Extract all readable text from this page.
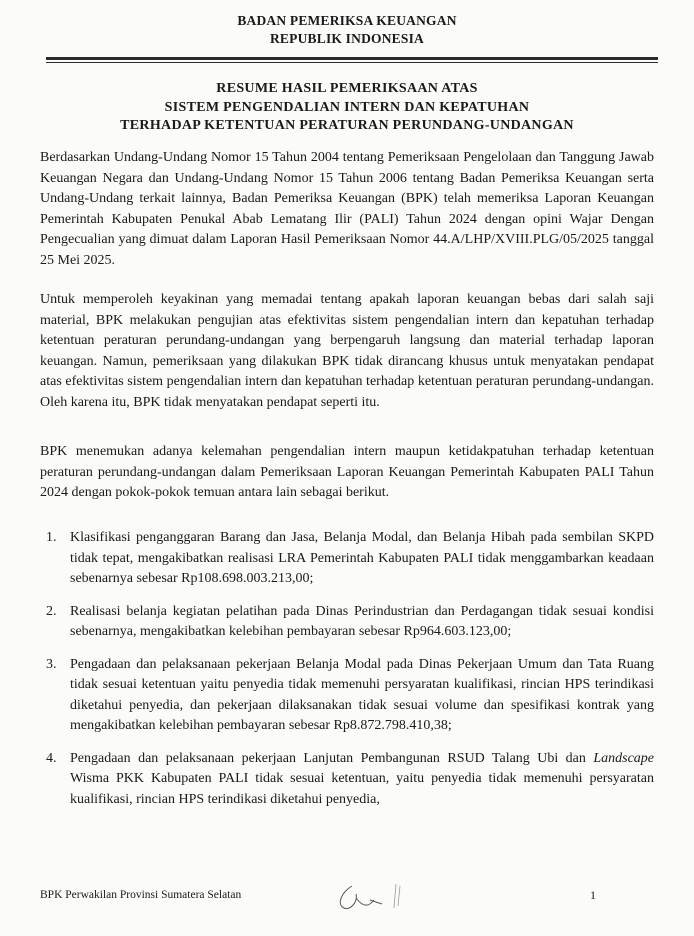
BADAN PEMERIKSA KEUANGAN
REPUBLIK INDONESIA
RESUME HASIL PEMERIKSAAN ATAS
SISTEM PENGENDALIAN INTERN DAN KEPATUHAN
TERHADAP KETENTUAN PERATURAN PERUNDANG-UNDANGAN
Berdasarkan Undang-Undang Nomor 15 Tahun 2004 tentang Pemeriksaan Pengelolaan dan Tanggung Jawab Keuangan Negara dan Undang-Undang Nomor 15 Tahun 2006 tentang Badan Pemeriksa Keuangan serta Undang-Undang terkait lainnya, Badan Pemeriksa Keuangan (BPK) telah memeriksa Laporan Keuangan Pemerintah Kabupaten Penukal Abab Lematang Ilir (PALI) Tahun 2024 dengan opini Wajar Dengan Pengecualian yang dimuat dalam Laporan Hasil Pemeriksaan Nomor 44.A/LHP/XVIII.PLG/05/2025 tanggal 25 Mei 2025.
Untuk memperoleh keyakinan yang memadai tentang apakah laporan keuangan bebas dari salah saji material, BPK melakukan pengujian atas efektivitas sistem pengendalian intern dan kepatuhan terhadap ketentuan peraturan perundang-undangan yang berpengaruh langsung dan material terhadap laporan keuangan. Namun, pemeriksaan yang dilakukan BPK tidak dirancang khusus untuk menyatakan pendapat atas efektivitas sistem pengendalian intern dan kepatuhan terhadap ketentuan peraturan perundang-undangan. Oleh karena itu, BPK tidak menyatakan pendapat seperti itu.
BPK menemukan adanya kelemahan pengendalian intern maupun ketidakpatuhan terhadap ketentuan peraturan perundang-undangan dalam Pemeriksaan Laporan Keuangan Pemerintah Kabupaten PALI Tahun 2024 dengan pokok-pokok temuan antara lain sebagai berikut.
1. Klasifikasi penganggaran Barang dan Jasa, Belanja Modal, dan Belanja Hibah pada sembilan SKPD tidak tepat, mengakibatkan realisasi LRA Pemerintah Kabupaten PALI tidak menggambarkan keadaan sebenarnya sebesar Rp108.698.003.213,00;
2. Realisasi belanja kegiatan pelatihan pada Dinas Perindustrian dan Perdagangan tidak sesuai kondisi sebenarnya, mengakibatkan kelebihan pembayaran sebesar Rp964.603.123,00;
3. Pengadaan dan pelaksanaan pekerjaan Belanja Modal pada Dinas Pekerjaan Umum dan Tata Ruang tidak sesuai ketentuan yaitu penyedia tidak memenuhi persyaratan kualifikasi, rincian HPS terindikasi diketahui penyedia, dan pekerjaan dilaksanakan tidak sesuai volume dan spesifikasi kontrak yang mengakibatkan kelebihan pembayaran sebesar Rp8.872.798.410,38;
4. Pengadaan dan pelaksanaan pekerjaan Lanjutan Pembangunan RSUD Talang Ubi dan Landscape Wisma PKK Kabupaten PALI tidak sesuai ketentuan, yaitu penyedia tidak memenuhi persyaratan kualifikasi, rincian HPS terindikasi diketahui penyedia,
BPK Perwakilan Provinsi Sumatera Selatan	1
